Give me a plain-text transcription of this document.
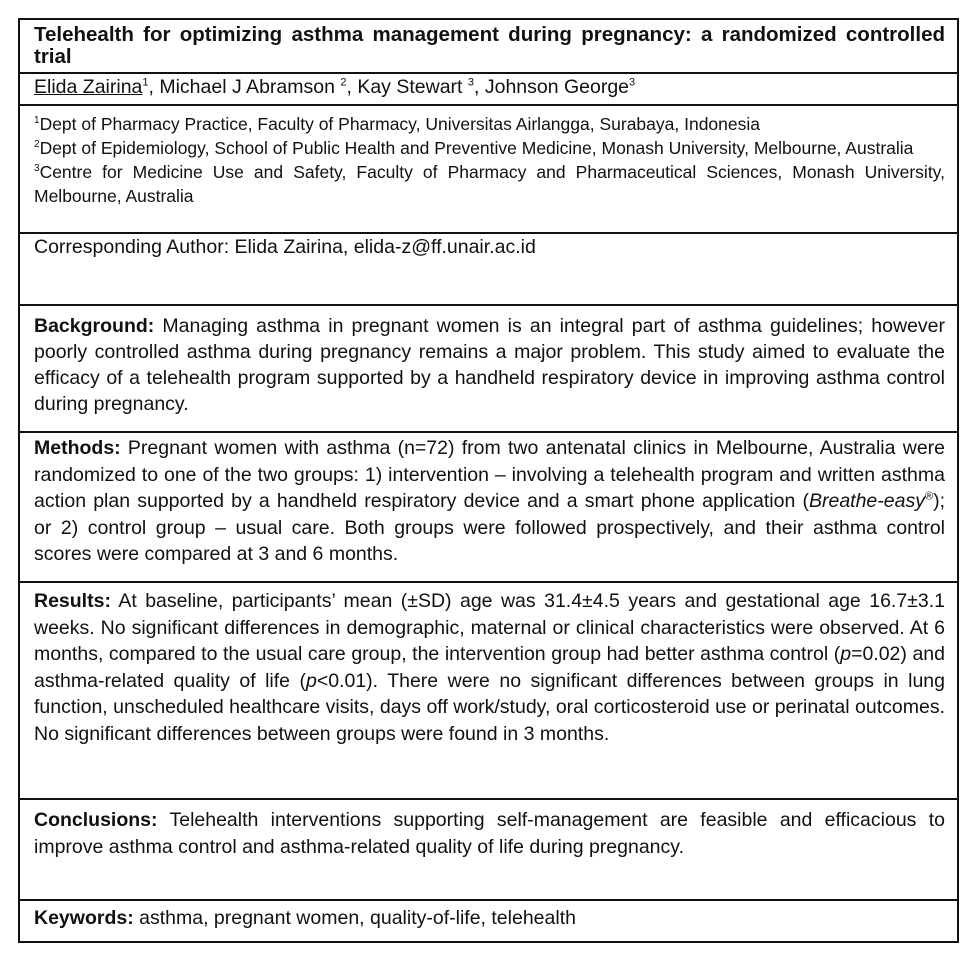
Telehealth for optimizing asthma management during pregnancy: a randomized controlled trial
Elida Zairina$^1$, Michael J Abramson $^2$, Kay Stewart $^3$, Johnson George$^3$

$^1$Dept of Pharmacy Practice, Faculty of Pharmacy, Universitas Airlangga, Surabaya, Indonesia
$^2$Dept of Epidemiology, School of Public Health and Preventive Medicine, Monash University, Melbourne, Australia
$^3$Centre for Medicine Use and Safety, Faculty of Pharmacy and Pharmaceutical Sciences, Monash University, Melbourne, Australia

Corresponding Author: Elida Zairina, elida-z@ff.unair.ac.id
Background: Managing asthma in pregnant women is an integral part of asthma guidelines; however poorly controlled asthma during pregnancy remains a major problem. This study aimed to evaluate the efficacy of a telehealth program supported by a handheld respiratory device in improving asthma control during pregnancy.
Methods: Pregnant women with asthma (n=72) from two antenatal clinics in Melbourne, Australia were randomized to one of the two groups: 1) intervention – involving a telehealth program and written asthma action plan supported by a handheld respiratory device and a smart phone application (Breathe-easy®); or 2) control group – usual care. Both groups were followed prospectively, and their asthma control scores were compared at 3 and 6 months.
Results: At baseline, participants’ mean (±SD) age was 31.4±4.5 years and gestational age 16.7±3.1 weeks. No significant differences in demographic, maternal or clinical characteristics were observed. At 6 months, compared to the usual care group, the intervention group had better asthma control (p=0.02) and asthma-related quality of life (p<0.01). There were no significant differences between groups in lung function, unscheduled healthcare visits, days off work/study, oral corticosteroid use or perinatal outcomes. No significant differences between groups were found in 3 months.
Conclusions: Telehealth interventions supporting self-management are feasible and efficacious to improve asthma control and asthma-related quality of life during pregnancy.
Keywords: asthma, pregnant women, quality-of-life, telehealth
